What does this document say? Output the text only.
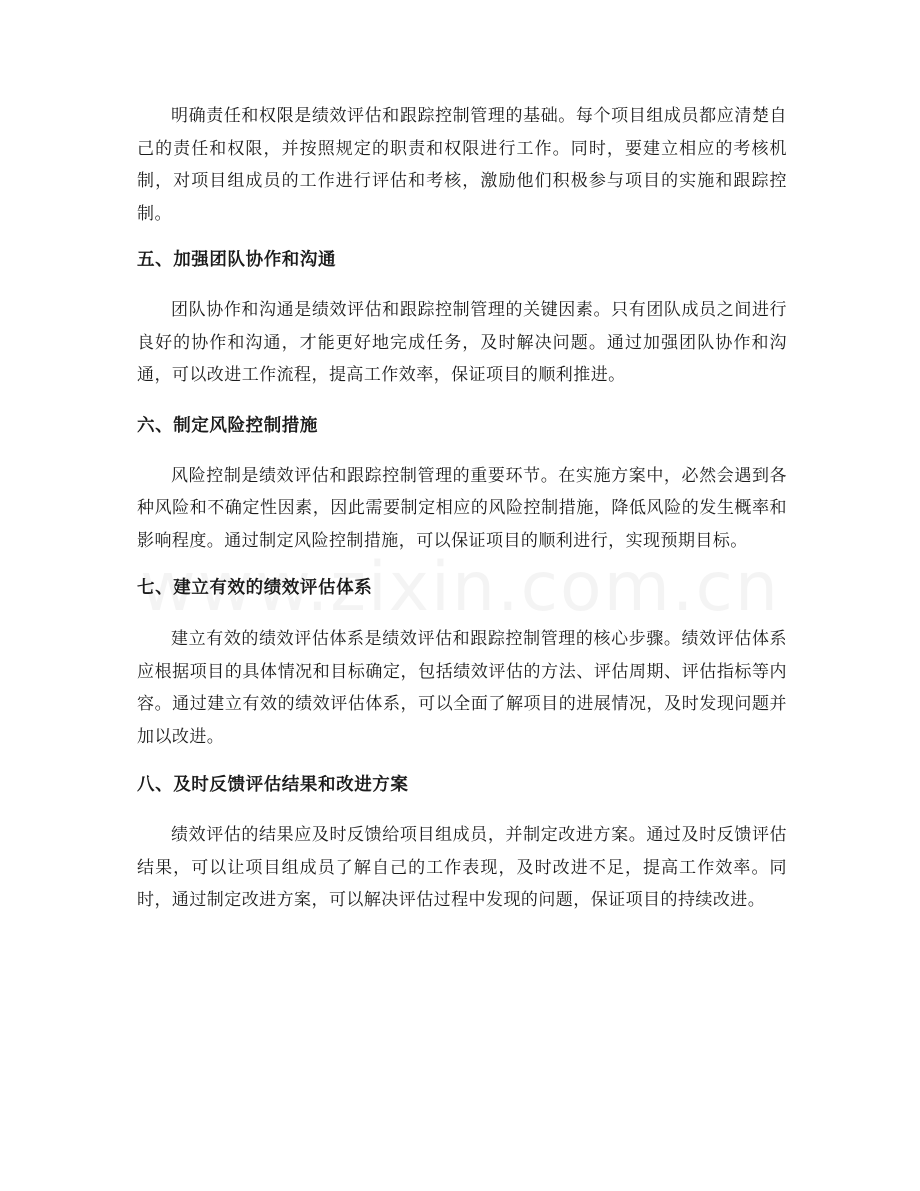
明确责任和权限是绩效评估和跟踪控制管理的基础。每个项目组成员都应清楚自己的责任和权限，并按照规定的职责和权限进行工作。同时，要建立相应的考核机制，对项目组成员的工作进行评估和考核，激励他们积极参与项目的实施和跟踪控制。

五、加强团队协作和沟通

团队协作和沟通是绩效评估和跟踪控制管理的关键因素。只有团队成员之间进行良好的协作和沟通，才能更好地完成任务，及时解决问题。通过加强团队协作和沟通，可以改进工作流程，提高工作效率，保证项目的顺利推进。

六、制定风险控制措施

风险控制是绩效评估和跟踪控制管理的重要环节。在实施方案中，必然会遇到各种风险和不确定性因素，因此需要制定相应的风险控制措施，降低风险的发生概率和影响程度。通过制定风险控制措施，可以保证项目的顺利进行，实现预期目标。

七、建立有效的绩效评估体系

建立有效的绩效评估体系是绩效评估和跟踪控制管理的核心步骤。绩效评估体系应根据项目的具体情况和目标确定，包括绩效评估的方法、评估周期、评估指标等内容。通过建立有效的绩效评估体系，可以全面了解项目的进展情况，及时发现问题并加以改进。

八、及时反馈评估结果和改进方案

绩效评估的结果应及时反馈给项目组成员，并制定改进方案。通过及时反馈评估结果，可以让项目组成员了解自己的工作表现，及时改进不足，提高工作效率。同时，通过制定改进方案，可以解决评估过程中发现的问题，保证项目的持续改进。
